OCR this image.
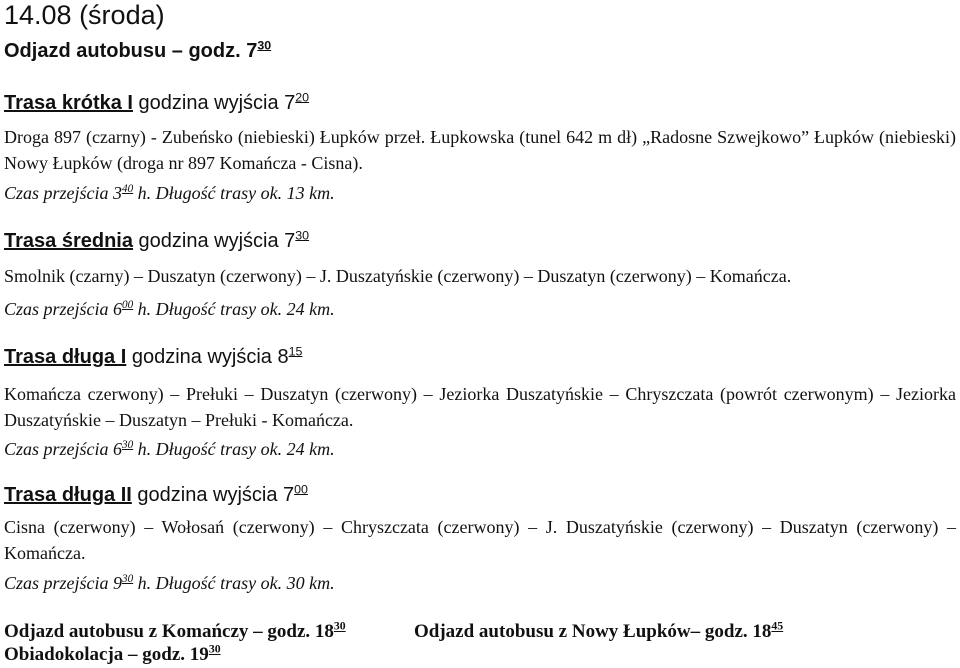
14.08 (środa)
Odjazd autobusu – godz. $7^{30}$
Trasa krótka I godzina wyjścia $7^{20}$
Droga 897 (czarny) - Zubeńsko (niebieski) Łupków przeł. Łupkowska (tunel 642 m dł) „Radosne Szwejkowo” Łupków (niebieski) Nowy Łupków (droga nr 897 Komańcza - Cisna).
Czas przejścia $3^{40}$ h. Długość trasy ok. 13 km.
Trasa średnia godzina wyjścia $7^{30}$
Smolnik (czarny) – Duszatyn (czerwony) – J. Duszatyńskie (czerwony) – Duszatyn (czerwony) – Komańcza.
Czas przejścia $6^{00}$ h. Długość trasy ok. 24 km.
Trasa długa I godzina wyjścia $8^{15}$
Komańcza czerwony) – Prełuki – Duszatyn (czerwony) – Jeziorka Duszatyńskie – Chryszczata (powrót czerwonym) – Jeziorka Duszatyńskie – Duszatyn – Prełuki - Komańcza.
Czas przejścia $6^{30}$ h. Długość trasy ok. 24 km.
Trasa długa II godzina wyjścia $7^{00}$
Cisna (czerwony) – Wołosań (czerwony) – Chryszczata (czerwony) – J. Duszatyńskie (czerwony) – Duszatyn (czerwony) – Komańcza.
Czas przejścia $9^{30}$ h. Długość trasy ok. 30 km.
Odjazd autobusu z Komańczy – godz. $18^{30}$	Odjazd autobusu z Nowy Łupków– godz. $18^{45}$
Obiadokolacja – godz. $19^{30}$
